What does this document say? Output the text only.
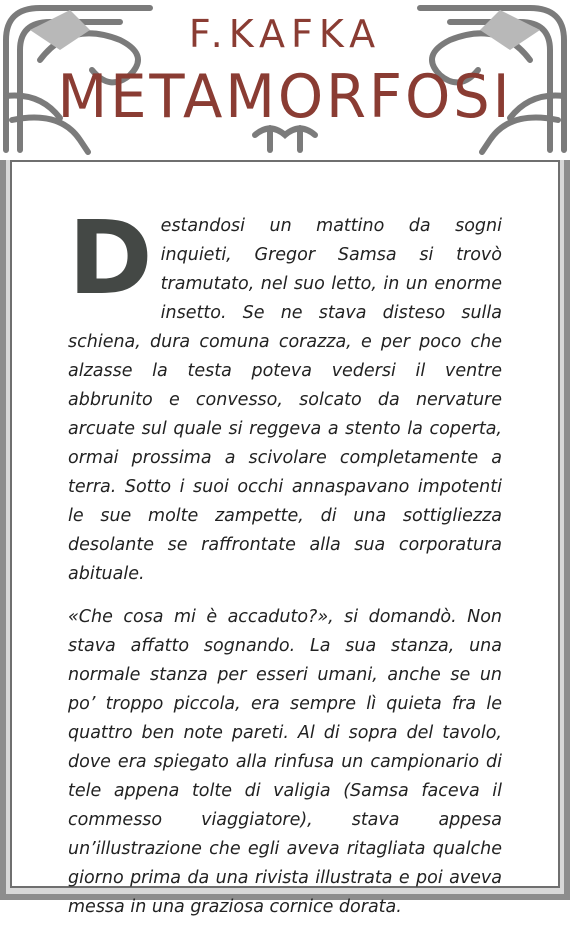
F.KAFKA
METAMORFOSI

Destandosi un mattino da sogni inquieti, Gregor Samsa si trovò tramutato, nel suo letto, in un enorme insetto. Se ne stava disteso sulla schiena, dura comuna corazza, e per poco che alzasse la testa poteva vedersi il ventre abbrunito e convesso, solcato da nervature arcuate sul quale si reggeva a stento la coperta, ormai prossima a scivolare completamente a terra. Sotto i suoi occhi annaspavano impotenti le sue molte zampette, di una sottigliezza desolante se raffrontate alla sua corporatura abituale.

«Che cosa mi è accaduto?», si domandò. Non stava affatto sognando. La sua stanza, una normale stanza per esseri umani, anche se un po’ troppo piccola, era sempre lì quieta fra le quattro ben note pareti. Al di sopra del tavolo, dove era spiegato alla rinfusa un campionario di tele appena tolte di valigia (Samsa faceva il commesso viaggiatore), stava appesa un’illustrazione che egli aveva ritagliata qualche giorno prima da una rivista illustrata e poi aveva messa in una graziosa cornice dorata.
